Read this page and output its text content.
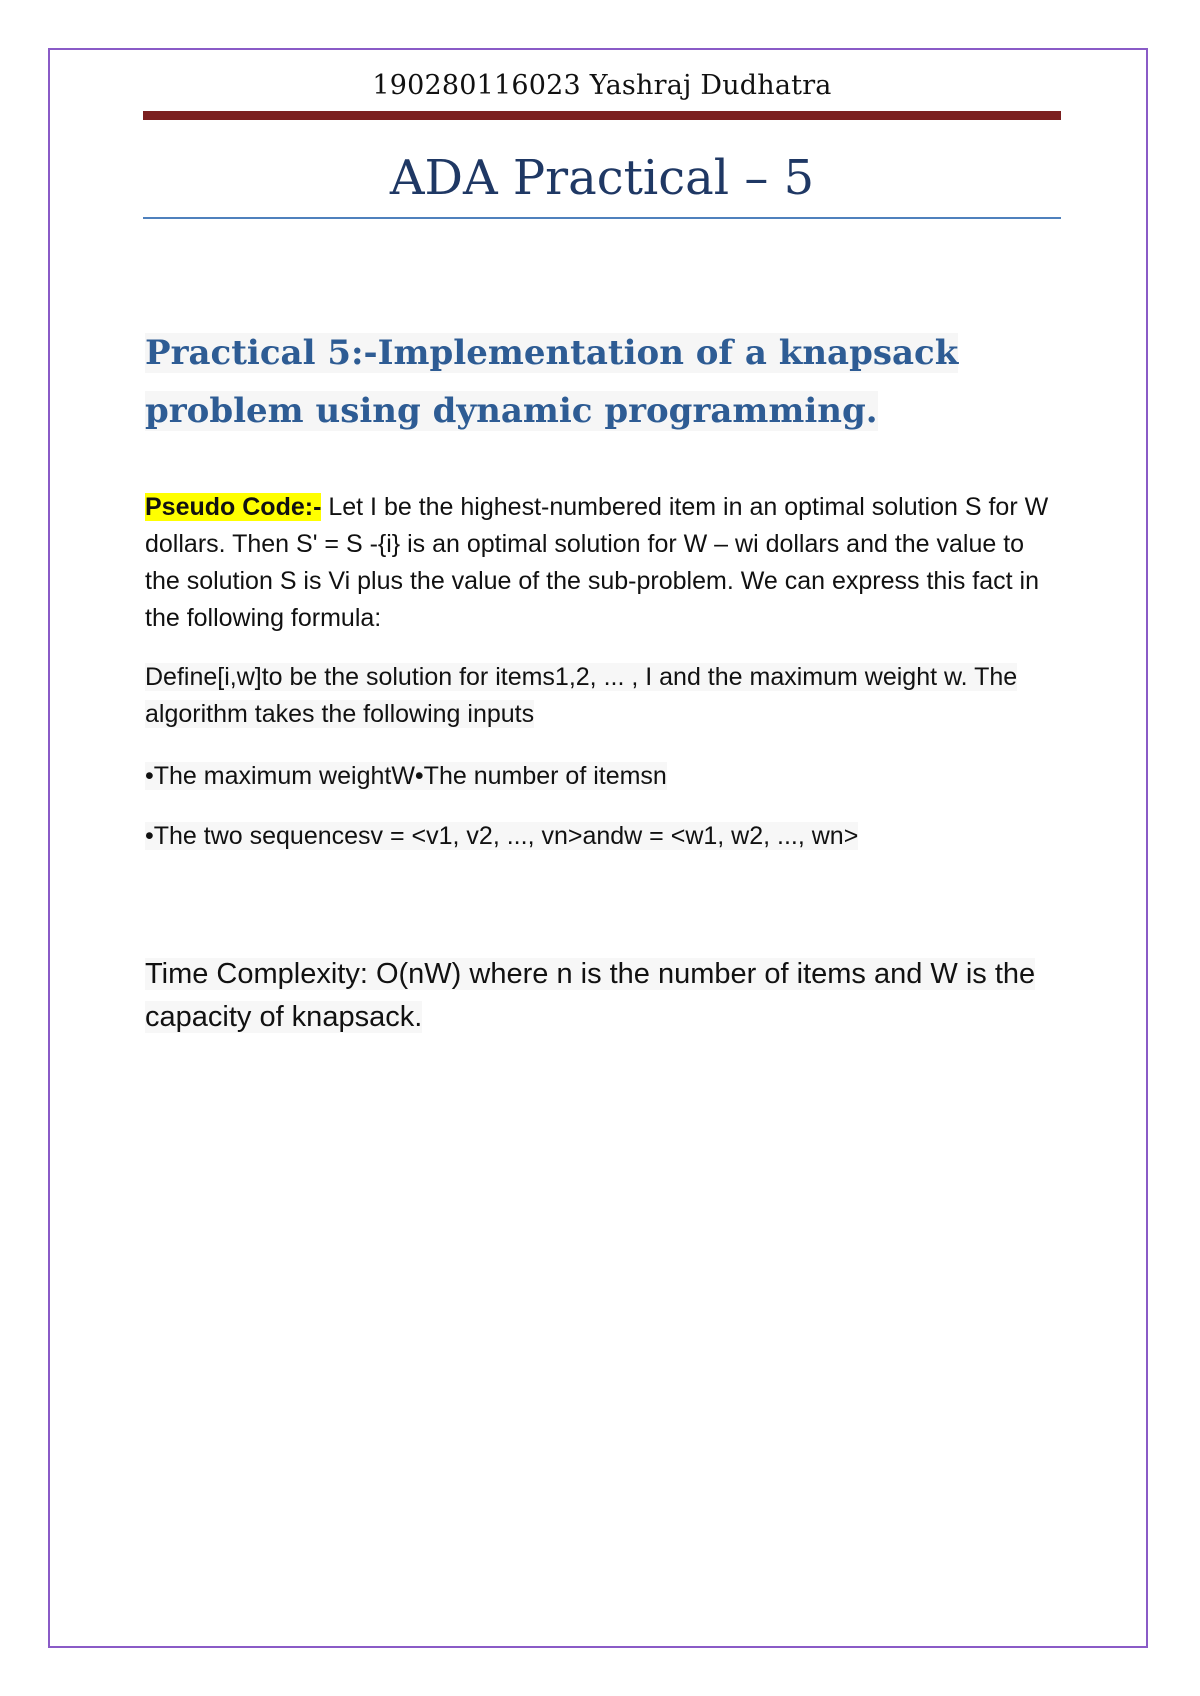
190280116023 Yashraj Dudhatra
ADA Practical – 5
Practical 5:-Implementation of a knapsack
problem using dynamic programming.
Pseudo Code:- Let I be the highest-numbered item in an optimal solution S for W dollars. Then S' = S -{i} is an optimal solution for W – wi dollars and the value to the solution S is Vi plus the value of the sub-problem. We can express this fact in the following formula:
Define[i,w]to be the solution for items1,2, ... , I and the maximum weight w. The algorithm takes the following inputs
•The maximum weightW•The number of itemsn
•The two sequencesv = <v1, v2, ..., vn>andw = <w1, w2, ..., wn>
Time Complexity: O(nW) where n is the number of items and W is the capacity of knapsack.
